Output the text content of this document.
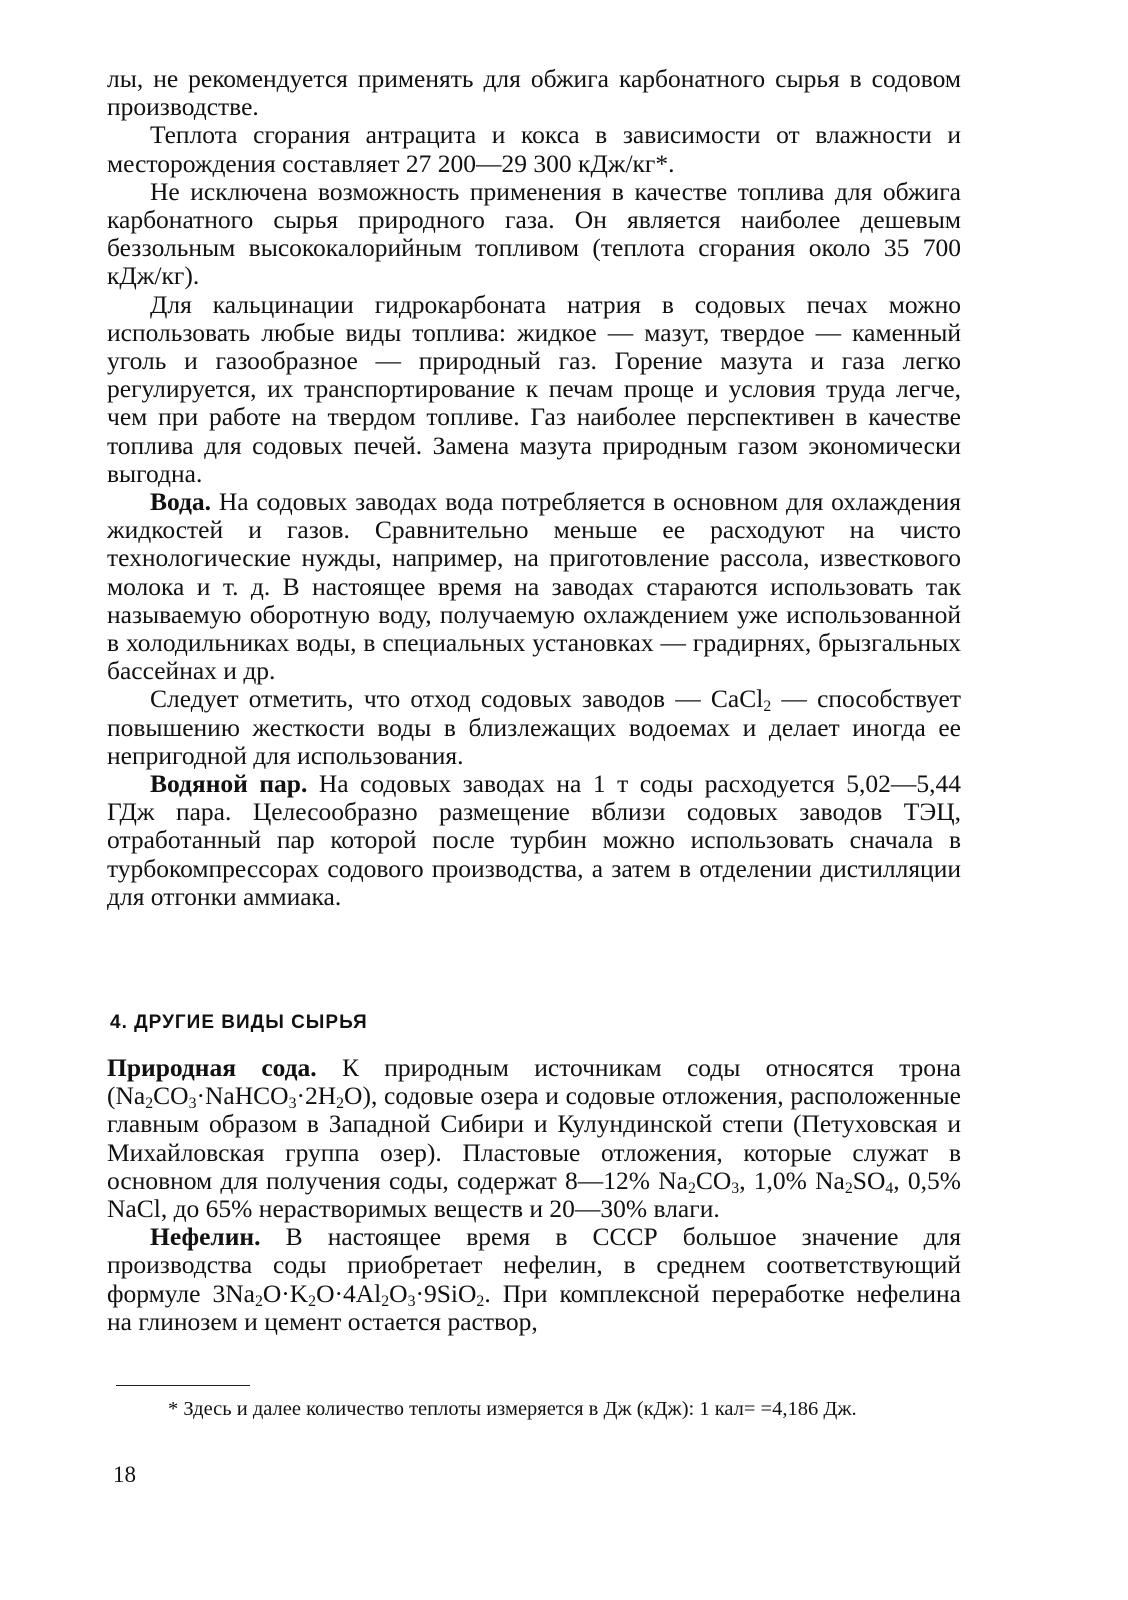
лы, не рекомендуется применять для обжига карбонатного сырья в содовом производстве.

Теплота сгорания антрацита и кокса в зависимости от влажности и месторождения составляет 27 200—29 300 кДж/кг*.

Не исключена возможность применения в качестве топлива для обжига карбонатного сырья природного газа. Он является наиболее дешевым беззольным высококалорийным топливом (теплота сгорания около 35 700 кДж/кг).

Для кальцинации гидрокарбоната натрия в содовых печах можно использовать любые виды топлива: жидкое — мазут, твердое — каменный уголь и газообразное — природный газ. Горение мазута и газа легко регулируется, их транспортирование к печам проще и условия труда легче, чем при работе на твердом топливе. Газ наиболее перспективен в качестве топлива для содовых печей. Замена мазута природным газом экономически выгодна.

Вода. На содовых заводах вода потребляется в основном для охлаждения жидкостей и газов. Сравнительно меньше ее расходуют на чисто технологические нужды, например, на приготовление рассола, известкового молока и т. д. В настоящее время на заводах стараются использовать так называемую оборотную воду, получаемую охлаждением уже использованной в холодильниках воды, в специальных установках — градирнях, брызгальных бассейнах и др.

Следует отметить, что отход содовых заводов — CaCl$_2$ — способствует повышению жесткости воды в близлежащих водоемах и делает иногда ее непригодной для использования.

Водяной пар. На содовых заводах на 1 т соды расходуется 5,02—5,44 ГДж пара. Целесообразно размещение вблизи содовых заводов ТЭЦ, отработанный пар которой после турбин можно использовать сначала в турбокомпрессорах содового производства, а затем в отделении дистилляции для отгонки аммиака.

4. ДРУГИЕ ВИДЫ СЫРЬЯ

Природная сода. К природным источникам соды относятся трона $(Na_2CO_3\cdot NaHCO_3\cdot 2H_2O)$, содовые озера и содовые отложения, расположенные главным образом в Западной Сибири и Кулундинской степи (Петуховская и Михайловская группа озер). Пластовые отложения, которые служат в основном для получения соды, содержат 8—12% $Na_2CO_3$, 1,0% $Na_2SO_4$, 0,5% NaCl, до 65% нерастворимых веществ и 20—30% влаги.

Нефелин. В настоящее время в СССР большое значение для производства соды приобретает нефелин, в среднем соответствующий формуле $3Na_2O\cdot K_2O\cdot 4Al_2O_3\cdot 9SiO_2$. При комплексной переработке нефелина на глинозем и цемент остается раствор,

* Здесь и далее количество теплоты измеряется в Дж (кДж): 1 кал= =4,186 Дж.

18
